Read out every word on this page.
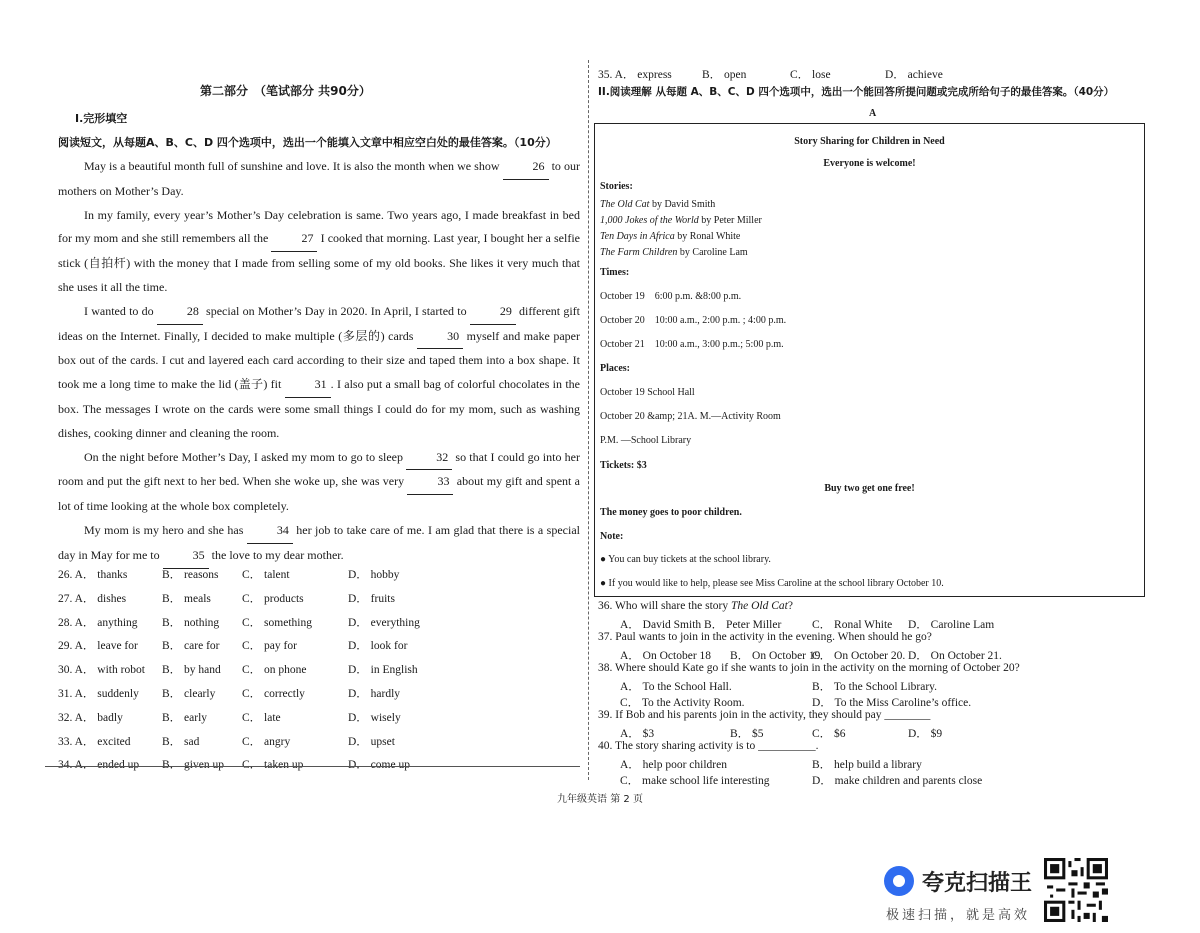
第二部分　（笔试部分 共90分）
I.完形填空
阅读短文，从每题A、B、C、D 四个选项中，选出一个能填入文章中相应空白处的最佳答案。（10分）

May is a beautiful month full of sunshine and love. It is also the month when we show	26 to our mothers on Mother’s Day.

In my family, every year’s Mother’s Day celebration is same. Two years ago, I made breakfast in bed for my mom and she still remembers all the	27 I cooked that morning. Last year, I bought her a selfie stick (自拍杆) with the money that I made from selling some of my old books. She likes it very much that she uses it all the time.

I wanted to do	28 special on Mother’s Day in 2020. In April, I started to	29 different gift ideas on the Internet. Finally, I decided to make multiple (多层的) cards	30 myself and make paper box out of the cards. I cut and layered each card according to their size and taped them into a box shape. It took me a long time to make the lid (盖子) fit	31 . I also put a small bag of colorful chocolates in the box. The messages I wrote on the cards were some small things I could do for my mom, such as washing dishes, cooking dinner and cleaning the room.

On the night before Mother’s Day, I asked my mom to go to sleep	32 so that I could go into her room and put the gift next to her bed. When she woke up, she was very	33 about my gift and spent a lot of time looking at the whole box completely.

My mom is my hero and she has	34 her job to take care of me. I am glad that there is a special day in May for me to	35 the love to my dear mother.

26. A． thanks	B． reasons C． talent	D． hobby
27. A． dishes	B． meals	C． products	D． fruits
28. A． anything B． nothing C． something	D． everything
29. A． leave for B． care for C． pay for	D． look for
30. A． with robot B． by hand C． on phone	D． in English
31. A． suddenly B． clearly C． correctly	D． hardly
32. A． badly	B． early	C． late	D． wisely
33. A． excited	B． sad	C． angry	D． upset
34. A． ended up B． given up C． taken up	D． come up
35. A． express	B． open	C． lose	D． achieve
II.阅读理解 从每题 A、B、C、D 四个选项中，选出一个能回答所提问题或完成所给句子的最佳答案。（40分）
A
Story Sharing for Children in Need
Everyone is welcome!
Stories:
The Old Cat by David Smith
1,000 Jokes of the World by Peter Miller
Ten Days in Africa by Ronal White
The Farm Children by Caroline Lam
Times:
October 19 6:00 p.m. &8:00 p.m.
October 20 10:00 a.m., 2:00 p.m. ; 4:00 p.m.
October 21 10:00 a.m., 3:00 p.m.; 5:00 p.m.
Places:
October 19 School Hall
October 20 &amp; 21A. M.—Activity Room
P.M. —School Library
Tickets: $3
Buy two get one free!
The money goes to poor children.
Note:
● You can buy tickets at the school library.
● If you would like to help, please see Miss Caroline at the school library October 10.
36. Who will share the story The Old Cat?
A． David Smith B． Peter Miller	C． Ronal White D． Caroline Lam
37. Paul wants to join in the activity in the evening. When should he go?
A． On October 18 B． On October 19
C． On October 20. D． On October 21.
38. Where should Kate go if she wants to join in the activity on the morning of October 20?
A． To the School Hall.	B． To the School Library.
C． To the Activity Room.	D． To the Miss Caroline’s office.
39. If Bob and his parents join in the activity, they should pay ________
A． $3	B． $5	C． $6	D． $9
40. The story sharing activity is to __________.
A． help poor children	B． help build a library
C． make school life interesting	D． make children and parents close
九年级英语 第 2 页
夸克扫描王
极速扫描，就是高效
